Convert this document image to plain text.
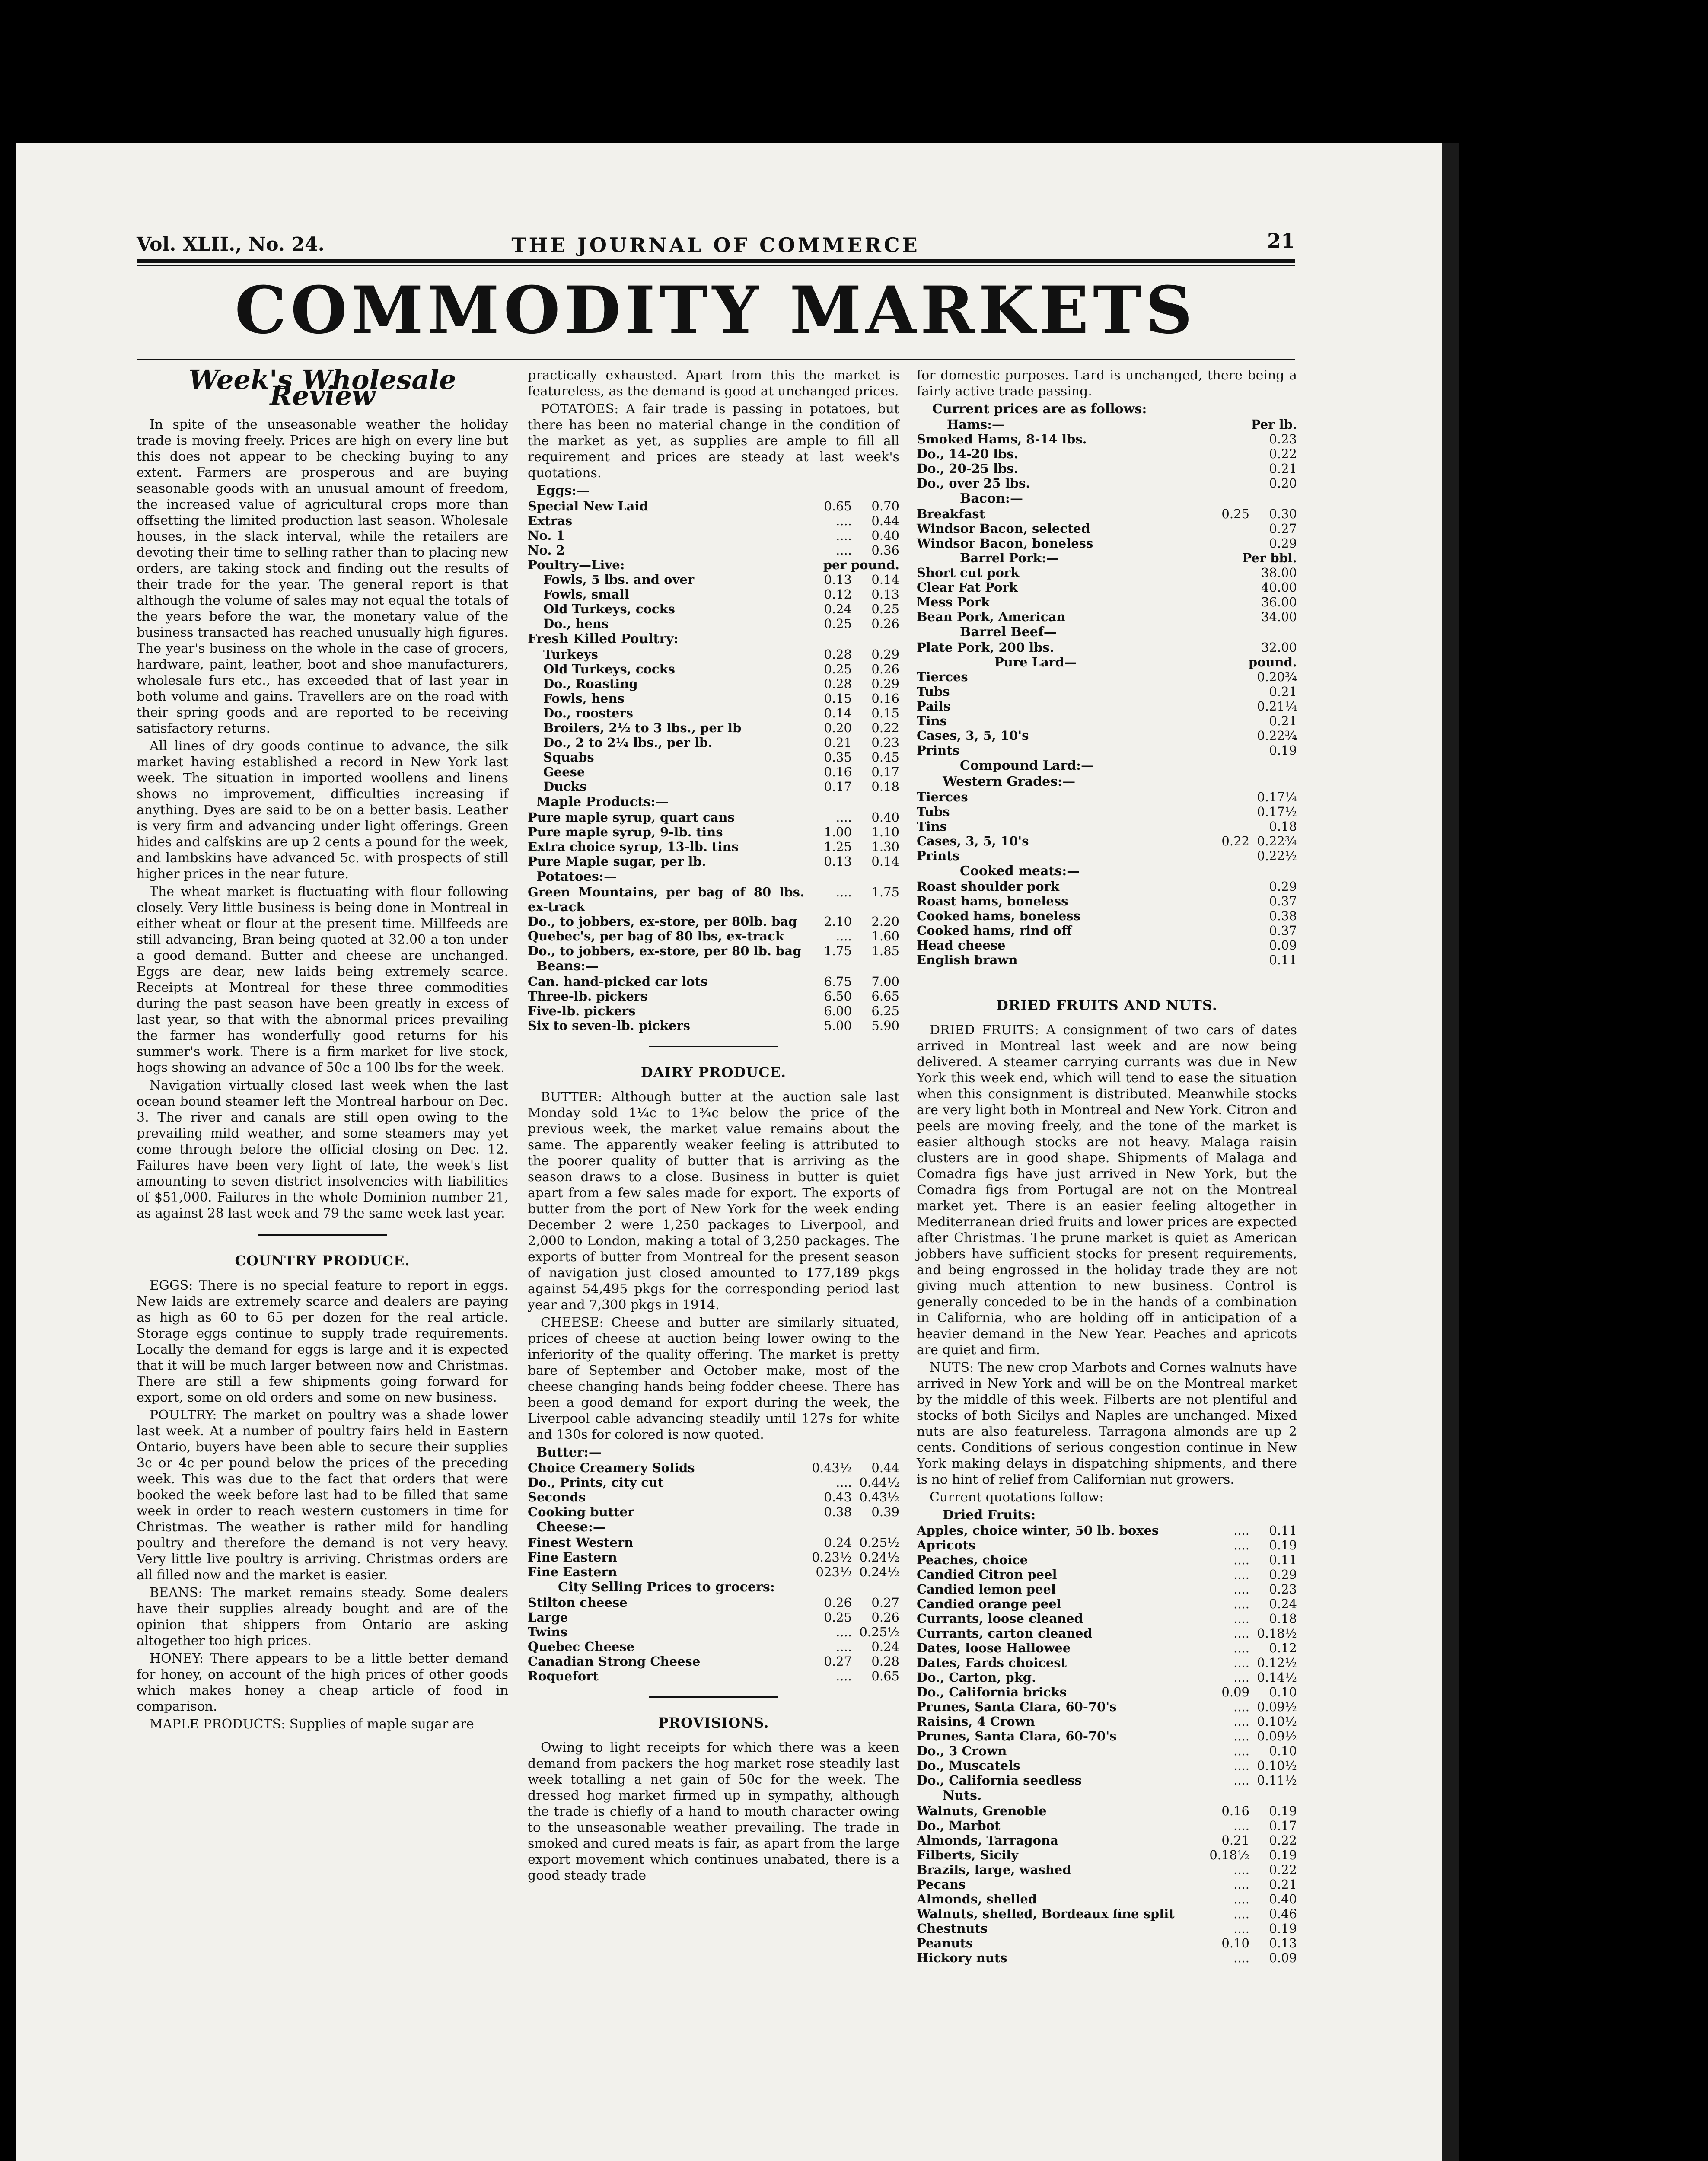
Vol. XLII., No. 24.	THE JOURNAL OF COMMERCE	21
COMMODITY MARKETS
Week's Wholesale Review

In spite of the unseasonable weather the holiday trade is moving freely. Prices are high on every line but this does not appear to be checking buying to any extent. Farmers are prosperous and are buying seasonable goods with an unusual amount of freedom, the increased value of agricultural crops more than offsetting the limited production last season. Wholesale houses, in the slack interval, while the retailers are devoting their time to selling rather than to placing new orders, are taking stock and finding out the results of their trade for the year. The general report is that although the volume of sales may not equal the totals of the years before the war, the monetary value of the business transacted has reached unusually high figures. The year's business on the whole in the case of grocers, hardware, paint, leather, boot and shoe manufacturers, wholesale furs etc., has exceeded that of last year in both volume and gains. Travellers are on the road with their spring goods and are reported to be receiving satisfactory returns.

All lines of dry goods continue to advance, the silk market having established a record in New York last week. The situation in imported woollens and linens shows no improvement, difficulties increasing if anything. Dyes are said to be on a better basis. Leather is very firm and advancing under light offerings. Green hides and calfskins are up 2 cents a pound for the week, and lambskins have advanced 5c. with prospects of still higher prices in the near future.

The wheat market is fluctuating with flour following closely. Very little business is being done in Montreal in either wheat or flour at the present time. Millfeeds are still advancing, Bran being quoted at 32.00 a ton under a good demand. Butter and cheese are unchanged. Eggs are dear, new laids being extremely scarce. Receipts at Montreal for these three commodities during the past season have been greatly in excess of last year, so that with the abnormal prices prevailing the farmer has wonderfully good returns for his summer's work. There is a firm market for live stock, hogs showing an advance of 50c a 100 lbs for the week.

Navigation virtually closed last week when the last ocean bound steamer left the Montreal harbour on Dec. 3. The river and canals are still open owing to the prevailing mild weather, and some steamers may yet come through before the official closing on Dec. 12. Failures have been very light of late, the week's list amounting to seven district insolvencies with liabilities of $51,000. Failures in the whole Dominion number 21, as against 28 last week and 79 the same week last year.

COUNTRY PRODUCE.

EGGS: There is no special feature to report in eggs. New laids are extremely scarce and dealers are paying as high as 60 to 65 per dozen for the real article. Storage eggs continue to supply trade requirements. Locally the demand for eggs is large and it is expected that it will be much larger between now and Christmas. There are still a few shipments going forward for export, some on old orders and some on new business.

POULTRY: The market on poultry was a shade lower last week. At a number of poultry fairs held in Eastern Ontario, buyers have been able to secure their supplies 3c or 4c per pound below the prices of the preceding week. This was due to the fact that orders that were booked the week before last had to be filled that same week in order to reach western customers in time for Christmas. The weather is rather mild for handling poultry and therefore the demand is not very heavy. Very little live poultry is arriving. Christmas orders are all filled now and the market is easier.

BEANS: The market remains steady. Some dealers have their supplies already bought and are of the opinion that shippers from Ontario are asking altogether too high prices.

HONEY: There appears to be a little better demand for honey, on account of the high prices of other goods which makes honey a cheap article of food in comparison.

MAPLE PRODUCTS: Supplies of maple sugar are

practically exhausted. Apart from this the market is featureless, as the demand is good at unchanged prices.

POTATOES: A fair trade is passing in potatoes, but there has been no material change in the condition of the market as yet, as supplies are ample to fill all requirement and prices are steady at last week's quotations.

Eggs:—
Special New Laid	0.65	0.70
Extras	....	0.44
No. 1	....	0.40
No. 2	....	0.36
Poultry—Live:	per pound.
Fowls, 5 lbs. and over	0.13	0.14
Fowls, small	0.12	0.13
Old Turkeys, cocks	0.24	0.25
Do., hens	0.25	0.26
Fresh Killed Poultry:
Turkeys	0.28	0.29
Old Turkeys, cocks	0.25	0.26
Do., Roasting	0.28	0.29
Fowls, hens	0.15	0.16
Do., roosters	0.14	0.15
Broilers, 2½ to 3 lbs., per lb	0.20	0.22
Do., 2 to 2¼ lbs., per lb.	0.21	0.23
Squabs	0.35	0.45
Geese	0.16	0.17
Ducks	0.17	0.18
Maple Products:—
Pure maple syrup, quart cans	....	0.40
Pure maple syrup, 9-lb. tins	1.00	1.10
Extra choice syrup, 13-lb. tins	1.25	1.30
Pure Maple sugar, per lb.	0.13	0.14
Potatoes:—
Green Mountains, per bag of 80 lbs. ex-track	....	1.75
Do., to jobbers, ex-store, per 80lb. bag	2.10	2.20
Quebec's, per bag of 80 lbs, ex-track	....	1.60
Do., to jobbers, ex-store, per 80 lb. bag	1.75	1.85
Beans:—
Can. hand-picked car lots	6.75	7.00
Three-lb. pickers	6.50	6.65
Five-lb. pickers	6.00	6.25
Six to seven-lb. pickers	5.00	5.90
DAIRY PRODUCE.

BUTTER: Although butter at the auction sale last Monday sold 1¼c to 1¾c below the price of the previous week, the market value remains about the same. The apparently weaker feeling is attributed to the poorer quality of butter that is arriving as the season draws to a close. Business in butter is quiet apart from a few sales made for export. The exports of butter from the port of New York for the week ending December 2 were 1,250 packages to Liverpool, and 2,000 to London, making a total of 3,250 packages. The exports of butter from Montreal for the present season of navigation just closed amounted to 177,189 pkgs against 54,495 pkgs for the corresponding period last year and 7,300 pkgs in 1914.

CHEESE: Cheese and butter are similarly situated, prices of cheese at auction being lower owing to the inferiority of the quality offering. The market is pretty bare of September and October make, most of the cheese changing hands being fodder cheese. There has been a good demand for export during the week, the Liverpool cable advancing steadily until 127s for white and 130s for colored is now quoted.

Butter:—
Choice Creamery Solids	0.43½	0.44
Do., Prints, city cut	....	0.44½
Seconds	0.43	0.43½
Cooking butter	0.38	0.39
Cheese:—
Finest Western	0.24	0.25½
Fine Eastern	0.23½	0.24½
Fine Eastern	023½	0.24½
City Selling Prices to grocers:
Stilton cheese	0.26	0.27
Large	0.25	0.26
Twins	....	0.25½
Quebec Cheese	....	0.24
Canadian Strong Cheese	0.27	0.28
Roquefort	....	0.65
PROVISIONS.

Owing to light receipts for which there was a keen demand from packers the hog market rose steadily last week totalling a net gain of 50c for the week. The dressed hog market firmed up in sympathy, although the trade is chiefly of a hand to mouth character owing to the unseasonable weather prevailing. The trade in smoked and cured meats is fair, as apart from the large export movement which continues unabated, there is a good steady trade

for domestic purposes. Lard is unchanged, there being a fairly active trade passing.

Current prices are as follows:
Hams:—	Per lb.
Smoked Hams, 8-14 lbs.		0.23
Do., 14-20 lbs.		0.22
Do., 20-25 lbs.		0.21
Do., over 25 lbs.		0.20
Bacon:—
Breakfast	0.25	0.30
Windsor Bacon, selected		0.27
Windsor Bacon, boneless		0.29
Barrel Pork:—	Per bbl.
Short cut pork		38.00
Clear Fat Pork		40.00
Mess Pork		36.00
Bean Pork, American		34.00
Barrel Beef—
Plate Pork, 200 lbs.		32.00
Pure Lard—	pound.
Tierces		0.20¾
Tubs		0.21
Pails		0.21¼
Tins		0.21
Cases, 3, 5, 10's		0.22¾
Prints		0.19
Compound Lard:—
Western Grades:—
Tierces		0.17¼
Tubs		0.17½
Tins		0.18
Cases, 3, 5, 10's	0.22	0.22¾
Prints		0.22½
Cooked meats:—
Roast shoulder pork		0.29
Roast hams, boneless		0.37
Cooked hams, boneless		0.38
Cooked hams, rind off		0.37
Head cheese		0.09
English brawn		0.11
DRIED FRUITS AND NUTS.

DRIED FRUITS: A consignment of two cars of dates arrived in Montreal last week and are now being delivered. A steamer carrying currants was due in New York this week end, which will tend to ease the situation when this consignment is distributed. Meanwhile stocks are very light both in Montreal and New York. Citron and peels are moving freely, and the tone of the market is easier although stocks are not heavy. Malaga raisin clusters are in good shape. Shipments of Malaga and Comadra figs have just arrived in New York, but the Comadra figs from Portugal are not on the Montreal market yet. There is an easier feeling altogether in Mediterranean dried fruits and lower prices are expected after Christmas. The prune market is quiet as American jobbers have sufficient stocks for present requirements, and being engrossed in the holiday trade they are not giving much attention to new business. Control is generally conceded to be in the hands of a combination in California, who are holding off in anticipation of a heavier demand in the New Year. Peaches and apricots are quiet and firm.

NUTS: The new crop Marbots and Cornes walnuts have arrived in New York and will be on the Montreal market by the middle of this week. Filberts are not plentiful and stocks of both Sicilys and Naples are unchanged. Mixed nuts are also featureless. Tarragona almonds are up 2 cents. Conditions of serious congestion continue in New York making delays in dispatching shipments, and there is no hint of relief from Californian nut growers.

Current quotations follow:

Dried Fruits:
Apples, choice winter, 50 lb. boxes	....	0.11
Apricots	....	0.19
Peaches, choice	....	0.11
Candied Citron peel	....	0.29
Candied lemon peel	....	0.23
Candied orange peel	....	0.24
Currants, loose cleaned	....	0.18
Currants, carton cleaned	....	0.18½
Dates, loose Hallowee	....	0.12
Dates, Fards choicest	....	0.12½
Do., Carton, pkg.	....	0.14½
Do., California bricks	0.09	0.10
Prunes, Santa Clara, 60-70's	....	0.09½
Raisins, 4 Crown	....	0.10½
Prunes, Santa Clara, 60-70's	....	0.09½
Do., 3 Crown	....	0.10
Do., Muscatels	....	0.10½
Do., California seedless	....	0.11½
Nuts.
Walnuts, Grenoble	0.16	0.19
Do., Marbot	....	0.17
Almonds, Tarragona	0.21	0.22
Filberts, Sicily	0.18½	0.19
Brazils, large, washed	....	0.22
Pecans	....	0.21
Almonds, shelled	....	0.40
Walnuts, shelled, Bordeaux fine split	....	0.46
Chestnuts	....	0.19
Peanuts	0.10	0.13
Hickory nuts	....	0.09
